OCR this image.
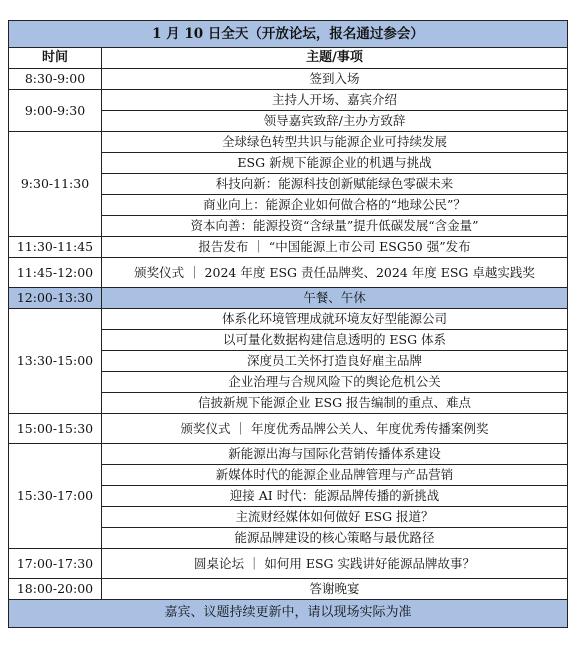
1 月 10 日全天（开放论坛，报名通过参会）	
时间	主题/事项
8:30-9:00	签到入场
9:00-9:30	主持人开场、嘉宾介绍
	领导嘉宾致辞/主办方致辞
9:30-11:30	全球绿色转型共识与能源企业可持续发展
	ESG 新规下能源企业的机遇与挑战
	科技向新：能源科技创新赋能绿色零碳未来
	商业向上：能源企业如何做合格的“地球公民”？
	资本向善：能源投资“含绿量”提升低碳发展“含金量”
11:30-11:45	报告发布 ｜ “中国能源上市公司 ESG50 强”发布
11:45-12:00	颁奖仪式 ｜ 2024 年度 ESG 责任品牌奖、2024 年度 ESG 卓越实践奖
12:00-13:30	午餐、午休
13:30-15:00	体系化环境管理成就环境友好型能源公司
	以可量化数据构建信息透明的 ESG 体系
	深度员工关怀打造良好雇主品牌
	企业治理与合规风险下的舆论危机公关
	信披新规下能源企业 ESG 报告编制的重点、难点
15:00-15:30	颁奖仪式 ｜ 年度优秀品牌公关人、年度优秀传播案例奖
15:30-17:00	新能源出海与国际化营销传播体系建设
	新媒体时代的能源企业品牌管理与产品营销
	迎接 AI 时代：能源品牌传播的新挑战
	主流财经媒体如何做好 ESG 报道？
	能源品牌建设的核心策略与最优路径
17:00-17:30	圆桌论坛 ｜ 如何用 ESG 实践讲好能源品牌故事？
18:00-20:00	答谢晚宴
嘉宾、议题持续更新中，请以现场实际为准	
